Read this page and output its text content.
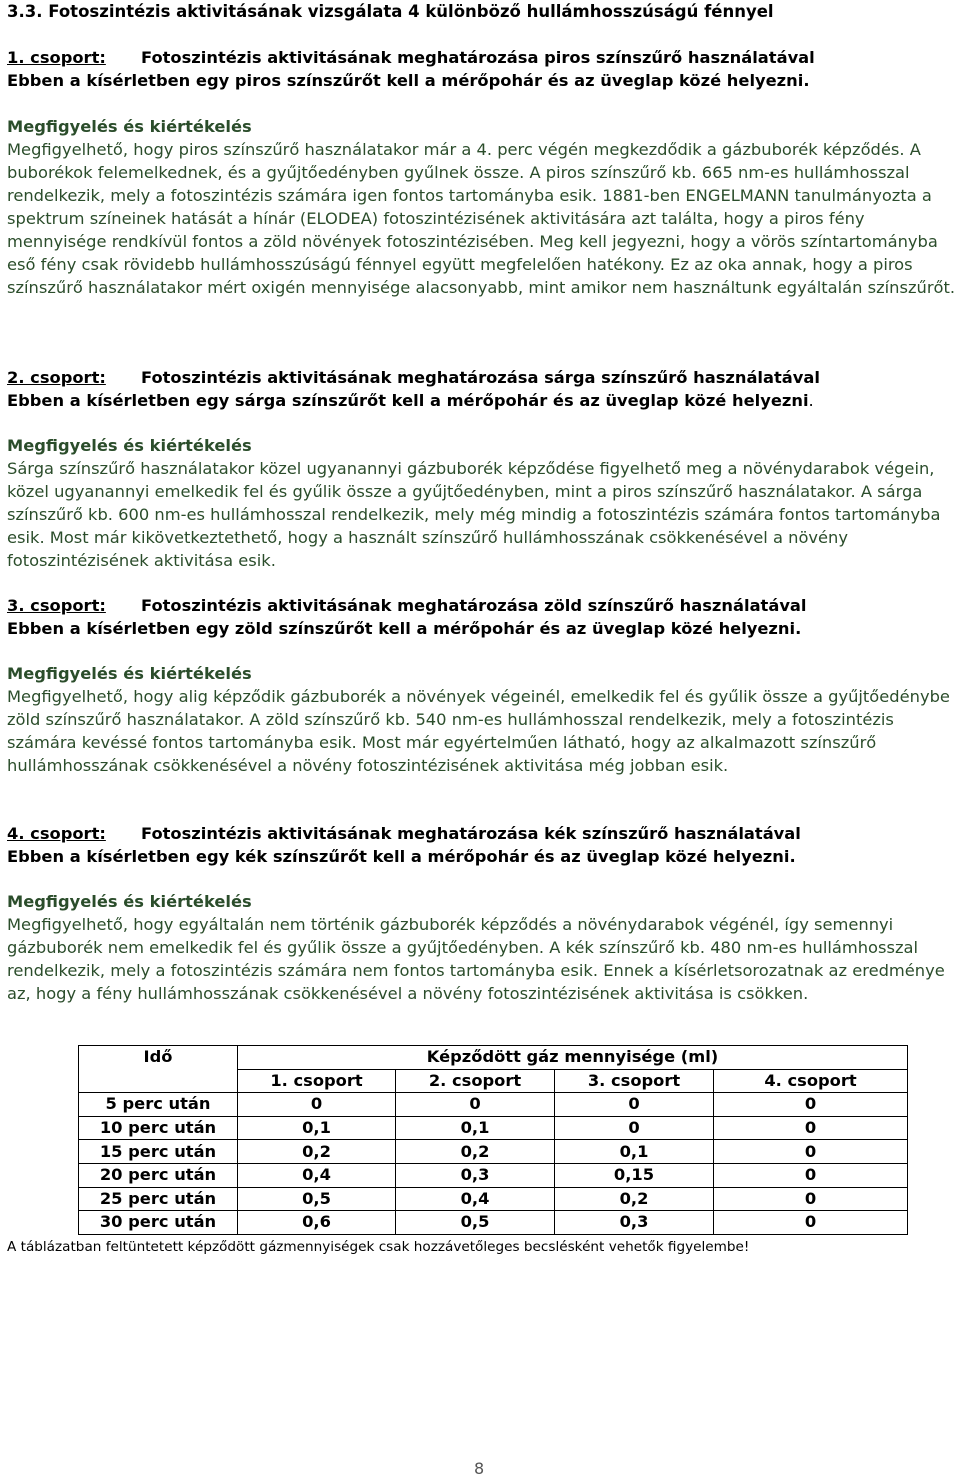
3.3. Fotoszintézis aktivitásának vizsgálata 4 különböző hullámhosszúságú fénnyel
1. csoport: Fotoszintézis aktivitásának meghatározása piros színszűrő használatával
Ebben a kísérletben egy piros színszűrőt kell a mérőpohár és az üveglap közé helyezni.
Megfigyelés és kiértékelés
Megfigyelhető, hogy piros színszűrő használatakor már a 4. perc végén megkezdődik a gázbuborék képződés. A buborékok felemelkednek, és a gyűjtőedényben gyűlnek össze. A piros színszűrő kb. 665 nm-es hullámhosszal rendelkezik, mely a fotoszintézis számára igen fontos tartományba esik. 1881-ben ENGELMANN tanulmányozta a spektrum színeinek hatását a hínár (ELODEA) fotoszintézisének aktivitására azt találta, hogy a piros fény mennyisége rendkívül fontos a zöld növények fotoszintézisében. Meg kell jegyezni, hogy a vörös színtartományba eső fény csak rövidebb hullámhosszúságú fénnyel együtt megfelelően hatékony. Ez az oka annak, hogy a piros színszűrő használatakor mért oxigén mennyisége alacsonyabb, mint amikor nem használtunk egyáltalán színszűrőt.
2. csoport: Fotoszintézis aktivitásának meghatározása sárga színszűrő használatával
Ebben a kísérletben egy sárga színszűrőt kell a mérőpohár és az üveglap közé helyezni.
Megfigyelés és kiértékelés
Sárga színszűrő használatakor közel ugyanannyi gázbuborék képződése figyelhető meg a növénydarabok végein, közel ugyanannyi emelkedik fel és gyűlik össze a gyűjtőedényben, mint a piros színszűrő használatakor. A sárga színszűrő kb. 600 nm-es hullámhosszal rendelkezik, mely még mindig a fotoszintézis számára fontos tartományba esik. Most már kikövetkeztethető, hogy a használt színszűrő hullámhosszának csökkenésével a növény fotoszintézisének aktivitása esik.
3. csoport: Fotoszintézis aktivitásának meghatározása zöld színszűrő használatával
Ebben a kísérletben egy zöld színszűrőt kell a mérőpohár és az üveglap közé helyezni.
Megfigyelés és kiértékelés
Megfigyelhető, hogy alig képződik gázbuborék a növények végeinél, emelkedik fel és gyűlik össze a gyűjtőedénybe zöld színszűrő használatakor. A zöld színszűrő kb. 540 nm-es hullámhosszal rendelkezik, mely a fotoszintézis számára kevéssé fontos tartományba esik. Most már egyértelműen látható, hogy az alkalmazott színszűrő hullámhosszának csökkenésével a növény fotoszintézisének aktivitása még jobban esik.
4. csoport: Fotoszintézis aktivitásának meghatározása kék színszűrő használatával
Ebben a kísérletben egy kék színszűrőt kell a mérőpohár és az üveglap közé helyezni.
Megfigyelés és kiértékelés
Megfigyelhető, hogy egyáltalán nem történik gázbuborék képződés a növénydarabok végénél, így semennyi gázbuborék nem emelkedik fel és gyűlik össze a gyűjtőedényben. A kék színszűrő kb. 480 nm-es hullámhosszal rendelkezik, mely a fotoszintézis számára nem fontos tartományba esik. Ennek a kísérletsorozatnak az eredménye az, hogy a fény hullámhosszának csökkenésével a növény fotoszintézisének aktivitása is csökken.
Idő	Képződött gáz mennyisége (ml)			
	1. csoport	2. csoport	3. csoport	4. csoport
5 perc után	0	0	0	0
10 perc után	0,1	0,1	0	0
15 perc után	0,2	0,2	0,1	0
20 perc után	0,4	0,3	0,15	0
25 perc után	0,5	0,4	0,2	0
30 perc után	0,6	0,5	0,3	0
A táblázatban feltüntetett képződött gázmennyiségek csak hozzávetőleges becslésként vehetők figyelembe!
8
